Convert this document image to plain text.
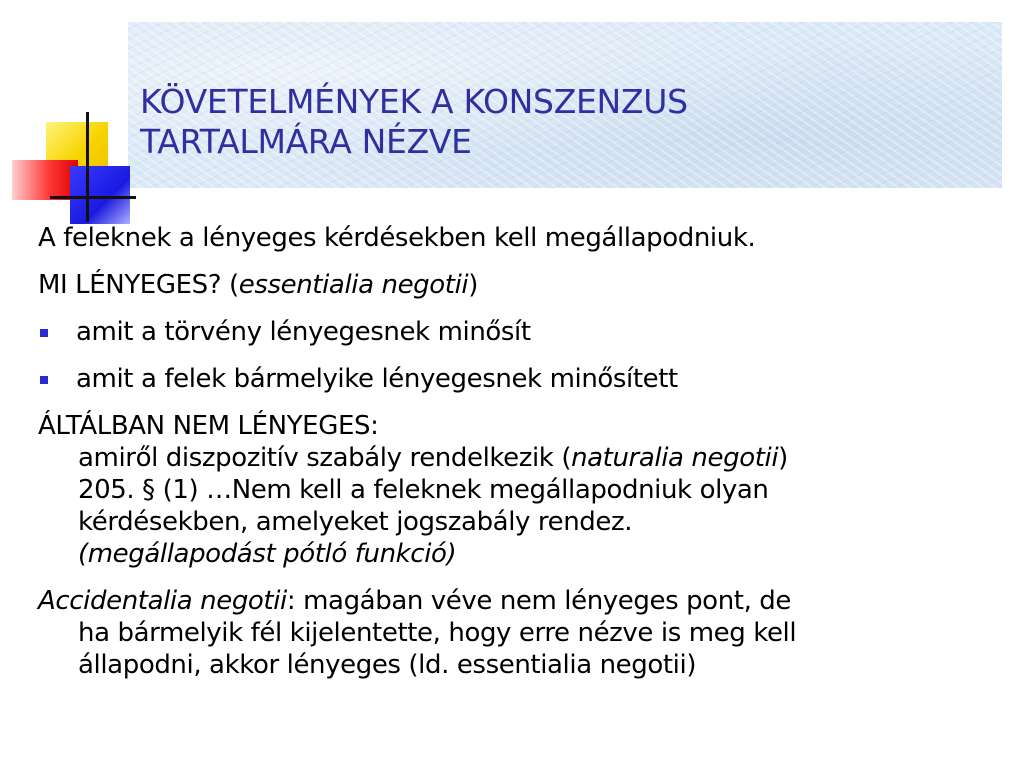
KÖVETELMÉNYEK A KONSZENZUS
TARTALMÁRA NÉZVE

A feleknek a lényeges kérdésekben kell megállapodniuk.

MI LÉNYEGES? (essentialia negotii)

amit a törvény lényegesnek minősít
amit a felek bármelyike lényegesnek minősített
ÁLTÁLBAN NEM LÉNYEGES:
amiről diszpozitív szabály rendelkezik (naturalia negotii)
205. § (1) …Nem kell a feleknek megállapodniuk olyan
kérdésekben, amelyeket jogszabály rendez.
(megállapodást pótló funkció)
Accidentalia negotii: magában véve nem lényeges pont, de
ha bármelyik fél kijelentette, hogy erre nézve is meg kell
állapodni, akkor lényeges (ld. essentialia negotii)
